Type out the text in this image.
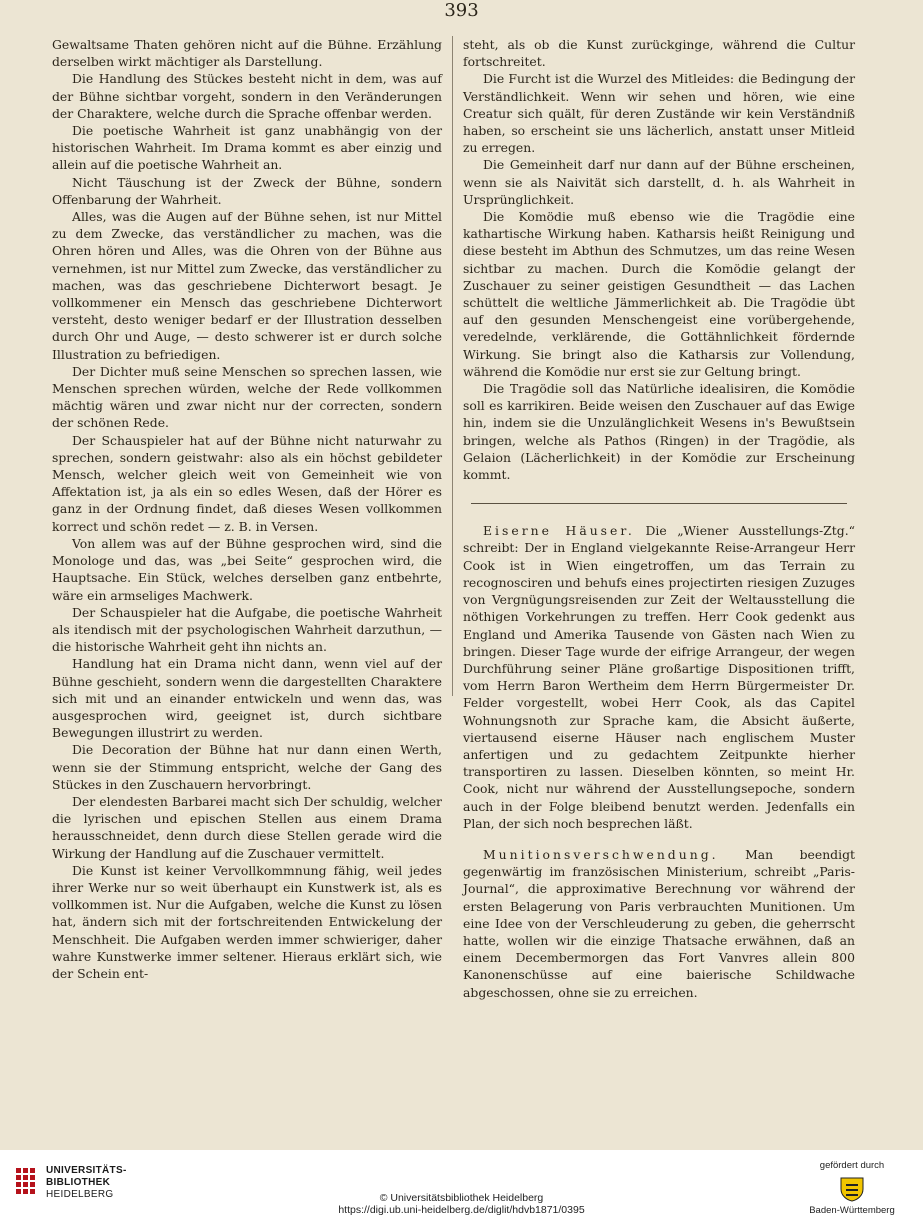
393

Gewaltsame Thaten gehören nicht auf die Bühne. Erzählung derselben wirkt mächtiger als Darstellung.

Die Handlung des Stückes besteht nicht in dem, was auf der Bühne sichtbar vorgeht, sondern in den Veränderungen der Charaktere, welche durch die Sprache offenbar werden.

Die poetische Wahrheit ist ganz unabhängig von der historischen Wahrheit. Im Drama kommt es aber einzig und allein auf die poetische Wahrheit an.

Nicht Täuschung ist der Zweck der Bühne, sondern Offenbarung der Wahrheit.

Alles, was die Augen auf der Bühne sehen, ist nur Mittel zu dem Zwecke, das verständlicher zu machen, was die Ohren hören und Alles, was die Ohren von der Bühne aus vernehmen, ist nur Mittel zum Zwecke, das verständlicher zu machen, was das geschriebene Dichterwort besagt. Je vollkommener ein Mensch das geschriebene Dichterwort versteht, desto weniger bedarf er der Illustration desselben durch Ohr und Auge, — desto schwerer ist er durch solche Illustration zu befriedigen.

Der Dichter muß seine Menschen so sprechen lassen, wie Menschen sprechen würden, welche der Rede vollkommen mächtig wären und zwar nicht nur der correcten, sondern der schönen Rede.

Der Schauspieler hat auf der Bühne nicht naturwahr zu sprechen, sondern geistwahr: also als ein höchst gebildeter Mensch, welcher gleich weit von Gemeinheit wie von Affektation ist, ja als ein so edles Wesen, daß der Hörer es ganz in der Ordnung findet, daß dieses Wesen vollkommen korrect und schön redet — z. B. in Versen.

Von allem was auf der Bühne gesprochen wird, sind die Monologe und das, was „bei Seite“ gesprochen wird, die Hauptsache. Ein Stück, welches derselben ganz entbehrte, wäre ein armseliges Machwerk.

Der Schauspieler hat die Aufgabe, die poetische Wahrheit als itendisch mit der psychologischen Wahrheit darzuthun, — die historische Wahrheit geht ihn nichts an.

Handlung hat ein Drama nicht dann, wenn viel auf der Bühne geschieht, sondern wenn die dargestellten Charaktere sich mit und an einander entwickeln und wenn das, was ausgesprochen wird, geeignet ist, durch sichtbare Bewegungen illustrirt zu werden.

Die Decoration der Bühne hat nur dann einen Werth, wenn sie der Stimmung entspricht, welche der Gang des Stückes in den Zuschauern hervorbringt.

Der elendesten Barbarei macht sich Der schuldig, welcher die lyrischen und epischen Stellen aus einem Drama herausschneidet, denn durch diese Stellen gerade wird die Wirkung der Handlung auf die Zuschauer vermittelt.

Die Kunst ist keiner Vervollkommnung fähig, weil jedes ihrer Werke nur so weit überhaupt ein Kunstwerk ist, als es vollkommen ist. Nur die Aufgaben, welche die Kunst zu lösen hat, ändern sich mit der fortschreitenden Entwickelung der Menschheit. Die Aufgaben werden immer schwieriger, daher wahre Kunstwerke immer seltener. Hieraus erklärt sich, wie der Schein ent-

steht, als ob die Kunst zurückginge, während die Cultur fortschreitet.

Die Furcht ist die Wurzel des Mitleides: die Bedingung der Verständlichkeit. Wenn wir sehen und hören, wie eine Creatur sich quält, für deren Zustände wir kein Verständniß haben, so erscheint sie uns lächerlich, anstatt unser Mitleid zu erregen.

Die Gemeinheit darf nur dann auf der Bühne erscheinen, wenn sie als Naivität sich darstellt, d. h. als Wahrheit in Ursprünglichkeit.

Die Komödie muß ebenso wie die Tragödie eine kathartische Wirkung haben. Katharsis heißt Reinigung und diese besteht im Abthun des Schmutzes, um das reine Wesen sichtbar zu machen. Durch die Komödie gelangt der Zuschauer zu seiner geistigen Gesundtheit — das Lachen schüttelt die weltliche Jämmerlichkeit ab. Die Tragödie übt auf den gesunden Menschengeist eine vorübergehende, veredelnde, verklärende, die Gottähnlichkeit fördernde Wirkung. Sie bringt also die Katharsis zur Vollendung, während die Komödie nur erst sie zur Geltung bringt.

Die Tragödie soll das Natürliche idealisiren, die Komödie soll es karrikiren. Beide weisen den Zuschauer auf das Ewige hin, indem sie die Unzulänglichkeit Wesens in's Bewußtsein bringen, welche als Pathos (Ringen) in der Tragödie, als Gelaion (Lächerlichkeit) in der Komödie zur Erscheinung kommt.

Eiserne Häuser. Die „Wiener Ausstellungs-Ztg.“ schreibt: Der in England vielgekannte Reise-Arrangeur Herr Cook ist in Wien eingetroffen, um das Terrain zu recognosciren und behufs eines projectirten riesigen Zuzuges von Vergnügungsreisenden zur Zeit der Weltausstellung die nöthigen Vorkehrungen zu treffen. Herr Cook gedenkt aus England und Amerika Tausende von Gästen nach Wien zu bringen. Dieser Tage wurde der eifrige Arrangeur, der wegen Durchführung seiner Pläne großartige Dispositionen trifft, vom Herrn Baron Wertheim dem Herrn Bürgermeister Dr. Felder vorgestellt, wobei Herr Cook, als das Capitel Wohnungsnoth zur Sprache kam, die Absicht äußerte, viertausend eiserne Häuser nach englischem Muster anfertigen und zu gedachtem Zeitpunkte hierher transportiren zu lassen. Dieselben könnten, so meint Hr. Cook, nicht nur während der Ausstellungsepoche, sondern auch in der Folge bleibend benutzt werden. Jedenfalls ein Plan, der sich noch besprechen läßt.

Munitionsverschwendung. Man beendigt gegenwärtig im französischen Ministerium, schreibt „Paris-Journal“, die approximative Berechnung vor während der ersten Belagerung von Paris verbrauchten Munitionen. Um eine Idee von der Verschleuderung zu geben, die geherrscht hatte, wollen wir die einzige Thatsache erwähnen, daß an einem Decembermorgen das Fort Vanvres allein 800 Kanonenschüsse auf eine baierische Schildwache abgeschossen, ohne sie zu erreichen.

UNIVERSITÄTS-
BIBLIOTHEK
HEIDELBERG	© Universitätsbibliothek Heidelberg
https://digi.ub.uni-heidelberg.de/diglit/hdvb1871/0395
gefördert durch
Baden-Württemberg
